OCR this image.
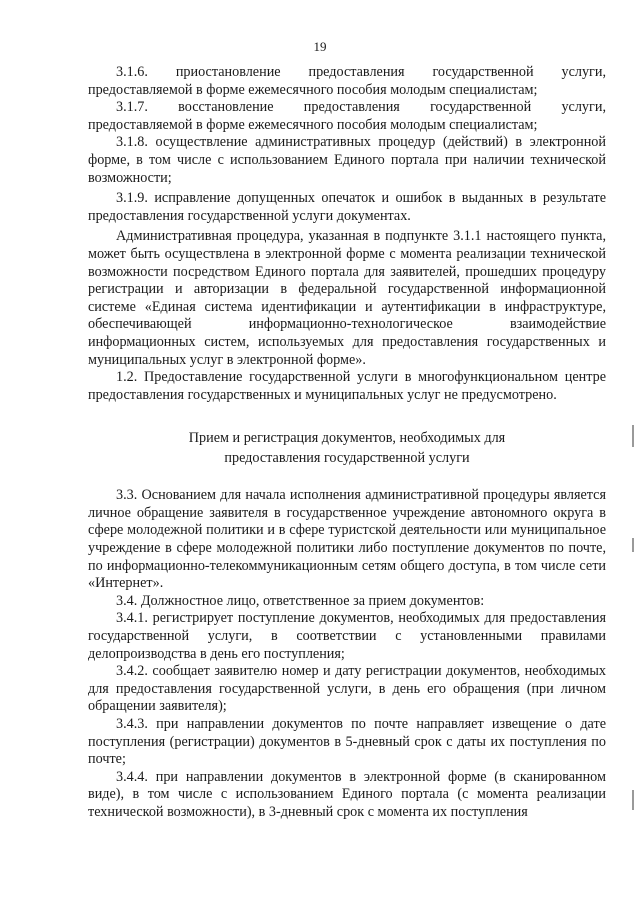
19

3.1.6. приостановление предоставления государственной услуги, предоставляемой в форме ежемесячного пособия молодым специалистам;

3.1.7. восстановление предоставления государственной услуги, предоставляемой в форме ежемесячного пособия молодым специалистам;

3.1.8. осуществление административных процедур (действий) в электронной форме, в том числе с использованием Единого портала при наличии технической возможности;

3.1.9. исправление допущенных опечаток и ошибок в выданных в результате предоставления государственной услуги документах.

Административная процедура, указанная в подпункте 3.1.1 настоящего пункта, может быть осуществлена в электронной форме с момента реализации технической возможности посредством Единого портала для заявителей, прошедших процедуру регистрации и авторизации в федеральной государственной информационной системе «Единая система идентификации и аутентификации в инфраструктуре, обеспечивающей информационно-технологическое взаимодействие информационных систем, используемых для предоставления государственных и муниципальных услуг в электронной форме».

1.2. Предоставление государственной услуги в многофункциональном центре предоставления государственных и муниципальных услуг не предусмотрено.

Прием и регистрация документов, необходимых для
предоставления государственной услуги

3.3. Основанием для начала исполнения административной процедуры является личное обращение заявителя в государственное учреждение автономного округа в сфере молодежной политики и в сфере туристской деятельности или муниципальное учреждение в сфере молодежной политики либо поступление документов по почте, по информационно-телекоммуникационным сетям общего доступа, в том числе сети «Интернет».

3.4. Должностное лицо, ответственное за прием документов:

3.4.1. регистрирует поступление документов, необходимых для предоставления государственной услуги, в соответствии с установленными правилами делопроизводства в день его поступления;

3.4.2. сообщает заявителю номер и дату регистрации документов, необходимых для предоставления государственной услуги, в день его обращения (при личном обращении заявителя);

3.4.3. при направлении документов по почте направляет извещение о дате поступления (регистрации) документов в 5-дневный срок с даты их поступления по почте;

3.4.4. при направлении документов в электронной форме (в сканированном виде), в том числе с использованием Единого портала (с момента реализации технической возможности), в 3-дневный срок с момента их поступления
